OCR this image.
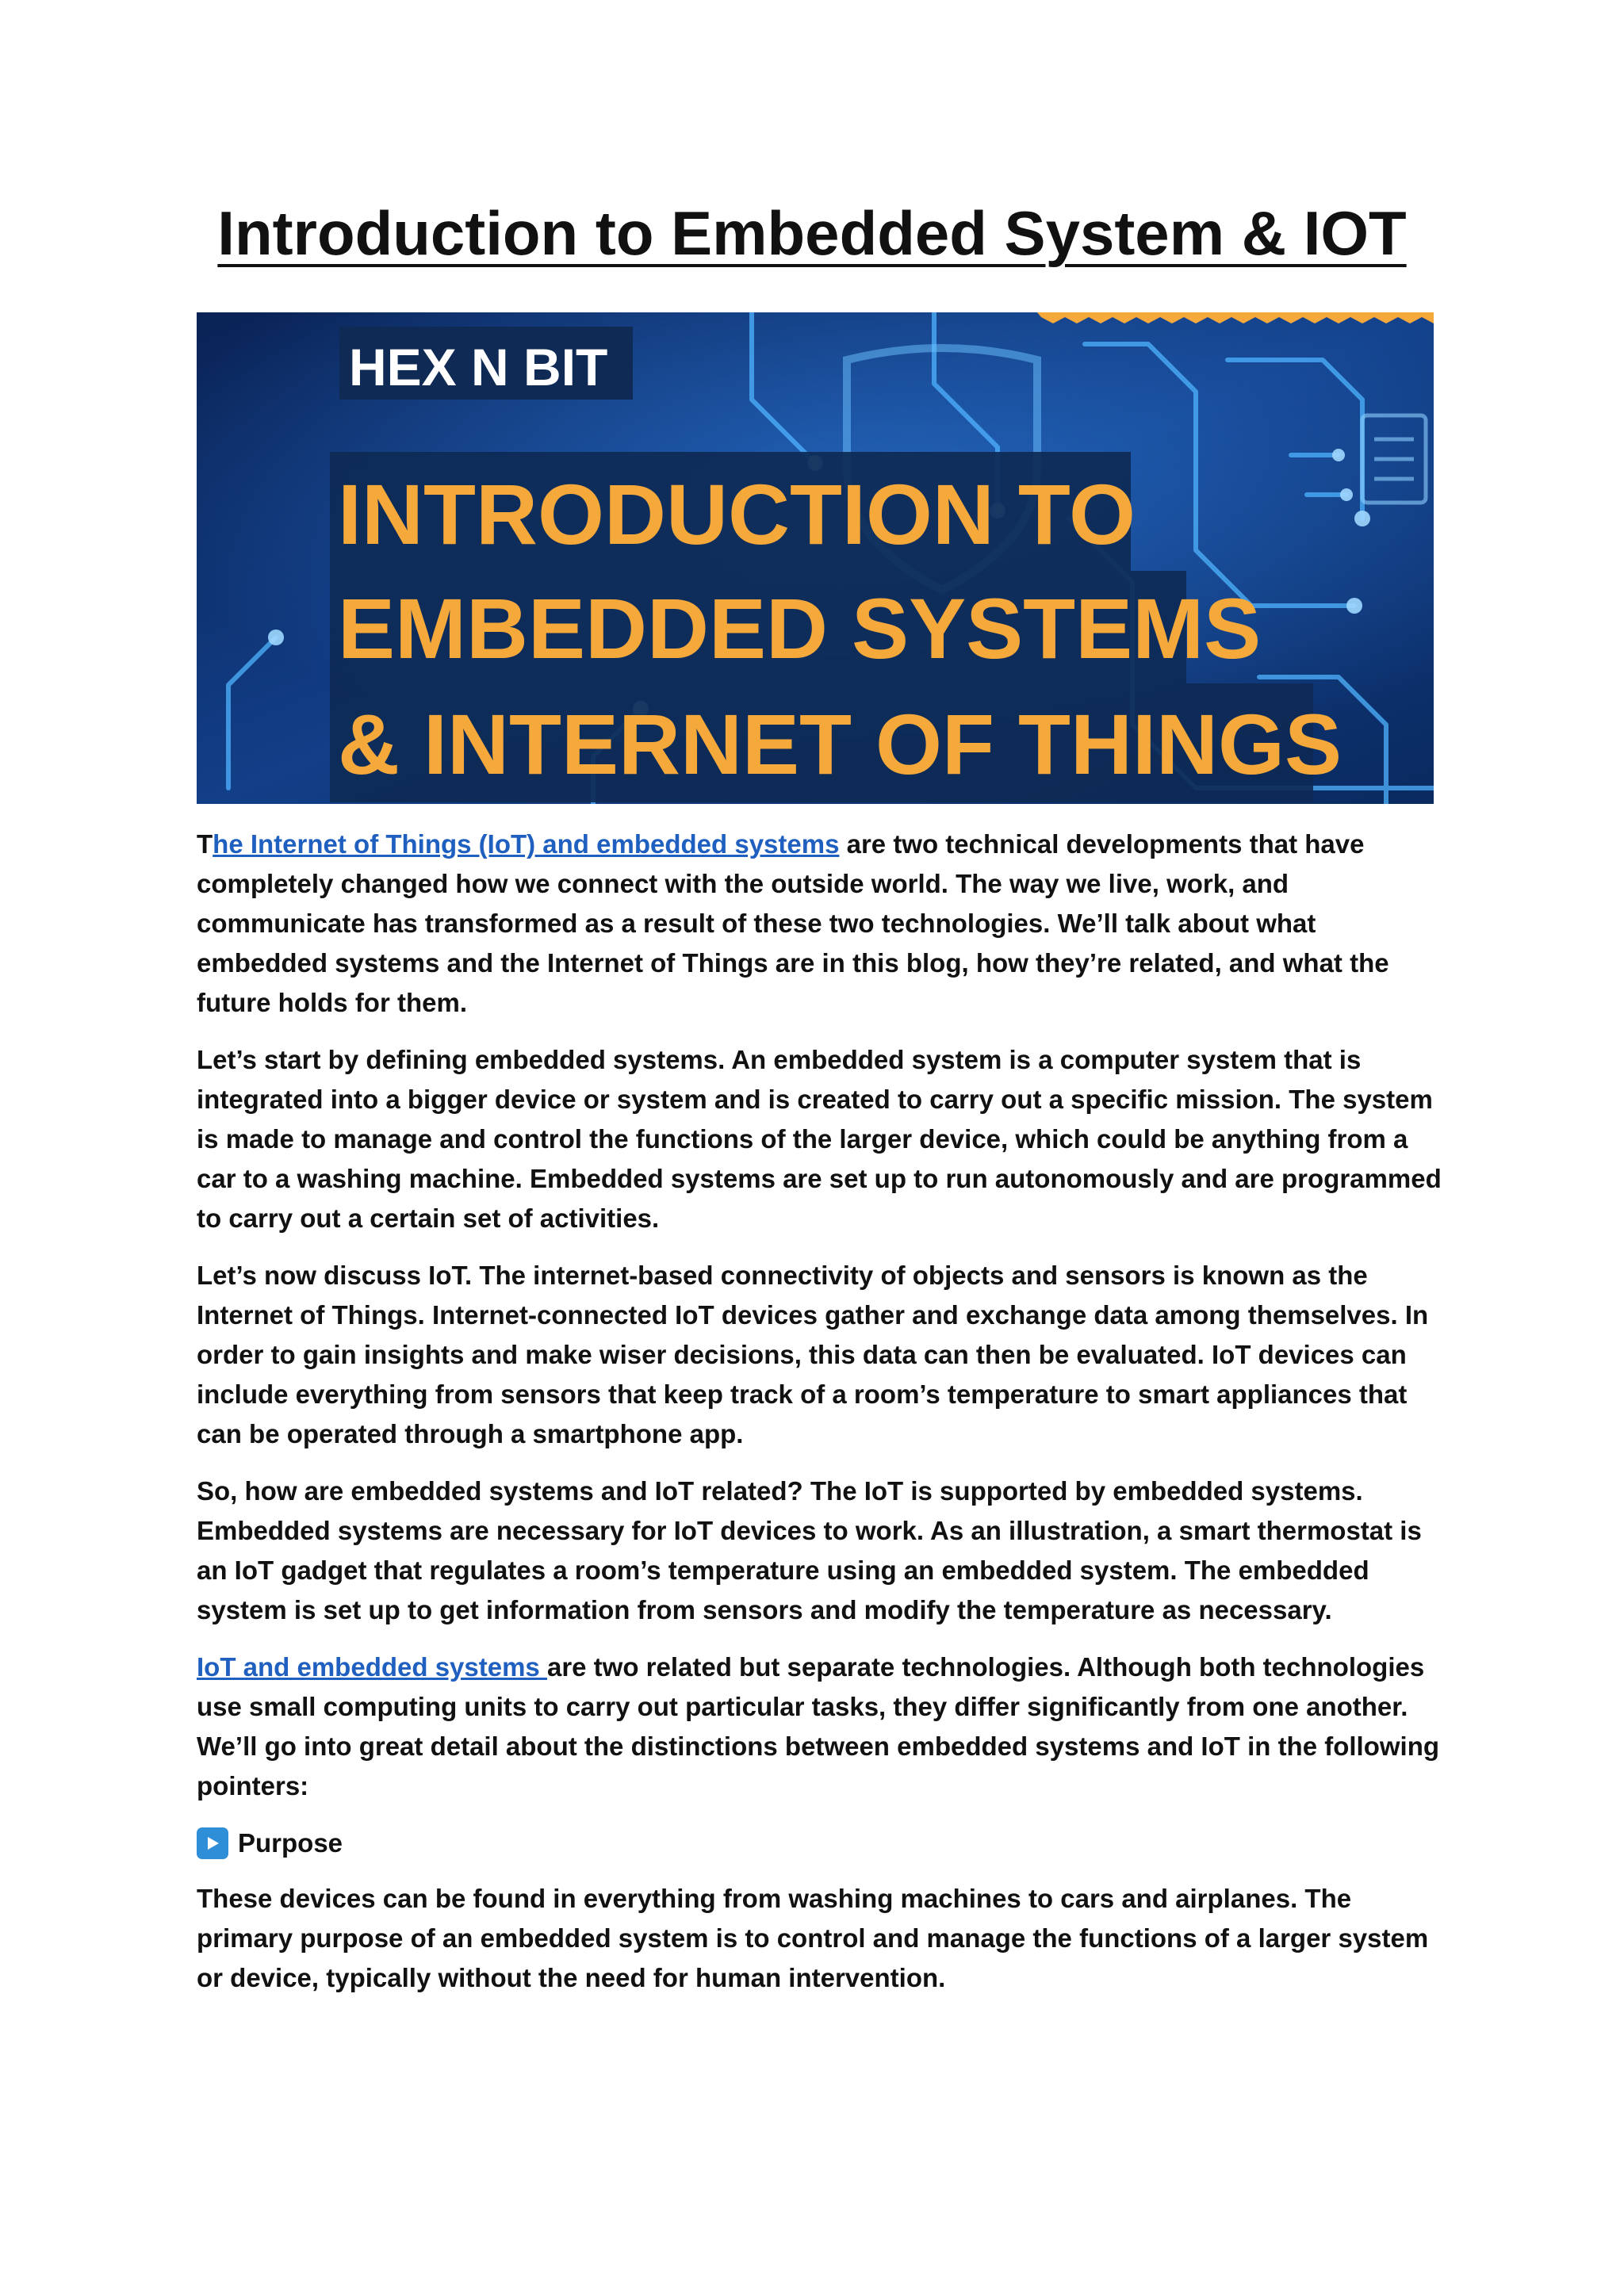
Introduction to Embedded System & IOT
HEX N BIT
INTRODUCTION TO
EMBEDDED SYSTEMS
& INTERNET OF THINGS

The Internet of Things (IoT) and embedded systems are two technical developments that have completely changed how we connect with the outside world. The way we live, work, and communicate has transformed as a result of these two technologies. We’ll talk about what embedded systems and the Internet of Things are in this blog, how they’re related, and what the future holds for them.

Let’s start by defining embedded systems. An embedded system is a computer system that is integrated into a bigger device or system and is created to carry out a specific mission. The system is made to manage and control the functions of the larger device, which could be anything from a car to a washing machine. Embedded systems are set up to run autonomously and are programmed to carry out a certain set of activities.

Let’s now discuss IoT. The internet-based connectivity of objects and sensors is known as the Internet of Things. Internet-connected IoT devices gather and exchange data among themselves. In order to gain insights and make wiser decisions, this data can then be evaluated. IoT devices can include everything from sensors that keep track of a room’s temperature to smart appliances that can be operated through a smartphone app.

So, how are embedded systems and IoT related? The IoT is supported by embedded systems. Embedded systems are necessary for IoT devices to work. As an illustration, a smart thermostat is an IoT gadget that regulates a room’s temperature using an embedded system. The embedded system is set up to get information from sensors and modify the temperature as necessary.

IoT and embedded systems are two related but separate technologies. Although both technologies use small computing units to carry out particular tasks, they differ significantly from one another. We’ll go into great detail about the distinctions between embedded systems and IoT in the following pointers:

Purpose

These devices can be found in everything from washing machines to cars and airplanes. The primary purpose of an embedded system is to control and manage the functions of a larger system or device, typically without the need for human intervention.
